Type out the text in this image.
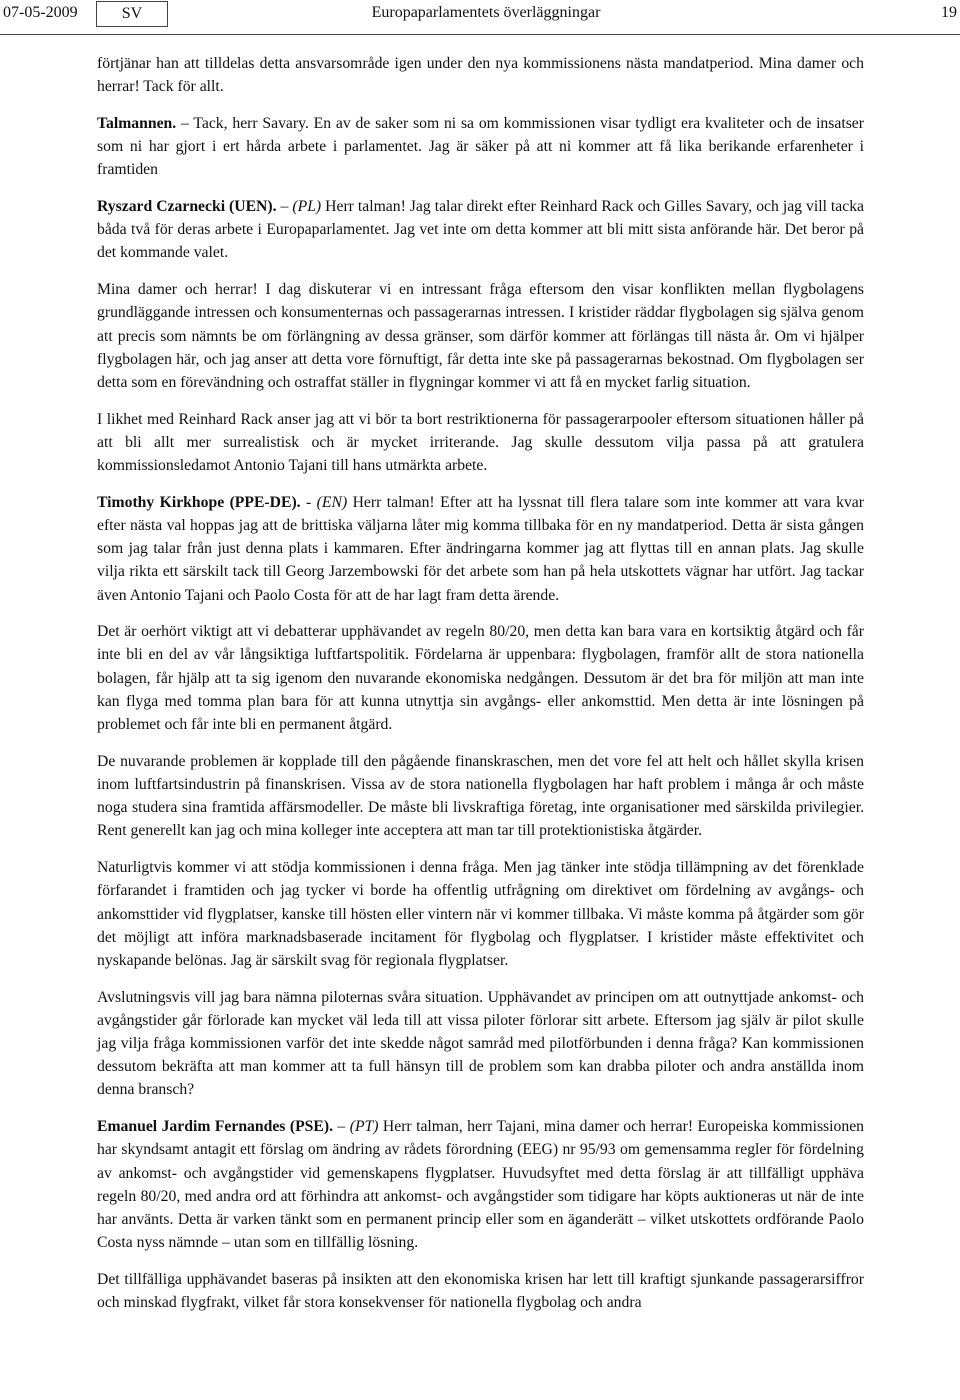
07-05-2009	SV	Europaparlamentets överläggningar	19

förtjänar han att tilldelas detta ansvarsområde igen under den nya kommissionens nästa mandatperiod. Mina damer och herrar! Tack för allt.

Talmannen. – Tack, herr Savary. En av de saker som ni sa om kommissionen visar tydligt era kvaliteter och de insatser som ni har gjort i ert hårda arbete i parlamentet. Jag är säker på att ni kommer att få lika berikande erfarenheter i framtiden

Ryszard Czarnecki (UEN). – (PL) Herr talman! Jag talar direkt efter Reinhard Rack och Gilles Savary, och jag vill tacka båda två för deras arbete i Europaparlamentet. Jag vet inte om detta kommer att bli mitt sista anförande här. Det beror på det kommande valet.

Mina damer och herrar! I dag diskuterar vi en intressant fråga eftersom den visar konflikten mellan flygbolagens grundläggande intressen och konsumenternas och passagerarnas intressen. I kristider räddar flygbolagen sig själva genom att precis som nämnts be om förlängning av dessa gränser, som därför kommer att förlängas till nästa år. Om vi hjälper flygbolagen här, och jag anser att detta vore förnuftigt, får detta inte ske på passagerarnas bekostnad. Om flygbolagen ser detta som en förevändning och ostraffat ställer in flygningar kommer vi att få en mycket farlig situation.

I likhet med Reinhard Rack anser jag att vi bör ta bort restriktionerna för passagerarpooler eftersom situationen håller på att bli allt mer surrealistisk och är mycket irriterande. Jag skulle dessutom vilja passa på att gratulera kommissionsledamot Antonio Tajani till hans utmärkta arbete.

Timothy Kirkhope (PPE-DE). - (EN) Herr talman! Efter att ha lyssnat till flera talare som inte kommer att vara kvar efter nästa val hoppas jag att de brittiska väljarna låter mig komma tillbaka för en ny mandatperiod. Detta är sista gången som jag talar från just denna plats i kammaren. Efter ändringarna kommer jag att flyttas till en annan plats. Jag skulle vilja rikta ett särskilt tack till Georg Jarzembowski för det arbete som han på hela utskottets vägnar har utfört. Jag tackar även Antonio Tajani och Paolo Costa för att de har lagt fram detta ärende.

Det är oerhört viktigt att vi debatterar upphävandet av regeln 80/20, men detta kan bara vara en kortsiktig åtgärd och får inte bli en del av vår långsiktiga luftfartspolitik. Fördelarna är uppenbara: flygbolagen, framför allt de stora nationella bolagen, får hjälp att ta sig igenom den nuvarande ekonomiska nedgången. Dessutom är det bra för miljön att man inte kan flyga med tomma plan bara för att kunna utnyttja sin avgångs- eller ankomsttid. Men detta är inte lösningen på problemet och får inte bli en permanent åtgärd.

De nuvarande problemen är kopplade till den pågående finanskraschen, men det vore fel att helt och hållet skylla krisen inom luftfartsindustrin på finanskrisen. Vissa av de stora nationella flygbolagen har haft problem i många år och måste noga studera sina framtida affärsmodeller. De måste bli livskraftiga företag, inte organisationer med särskilda privilegier. Rent generellt kan jag och mina kolleger inte acceptera att man tar till protektionistiska åtgärder.

Naturligtvis kommer vi att stödja kommissionen i denna fråga. Men jag tänker inte stödja tillämpning av det förenklade förfarandet i framtiden och jag tycker vi borde ha offentlig utfrågning om direktivet om fördelning av avgångs- och ankomsttider vid flygplatser, kanske till hösten eller vintern när vi kommer tillbaka. Vi måste komma på åtgärder som gör det möjligt att införa marknadsbaserade incitament för flygbolag och flygplatser. I kristider måste effektivitet och nyskapande belönas. Jag är särskilt svag för regionala flygplatser.

Avslutningsvis vill jag bara nämna piloternas svåra situation. Upphävandet av principen om att outnyttjade ankomst- och avgångstider går förlorade kan mycket väl leda till att vissa piloter förlorar sitt arbete. Eftersom jag själv är pilot skulle jag vilja fråga kommissionen varför det inte skedde något samråd med pilotförbunden i denna fråga? Kan kommissionen dessutom bekräfta att man kommer att ta full hänsyn till de problem som kan drabba piloter och andra anställda inom denna bransch?

Emanuel Jardim Fernandes (PSE). – (PT) Herr talman, herr Tajani, mina damer och herrar! Europeiska kommissionen har skyndsamt antagit ett förslag om ändring av rådets förordning (EEG) nr 95/93 om gemensamma regler för fördelning av ankomst- och avgångstider vid gemenskapens flygplatser. Huvudsyftet med detta förslag är att tillfälligt upphäva regeln 80/20, med andra ord att förhindra att ankomst- och avgångstider som tidigare har köpts auktioneras ut när de inte har använts. Detta är varken tänkt som en permanent princip eller som en äganderätt – vilket utskottets ordförande Paolo Costa nyss nämnde – utan som en tillfällig lösning.

Det tillfälliga upphävandet baseras på insikten att den ekonomiska krisen har lett till kraftigt sjunkande passagerarsiffror och minskad flygfrakt, vilket får stora konsekvenser för nationella flygbolag och andra
